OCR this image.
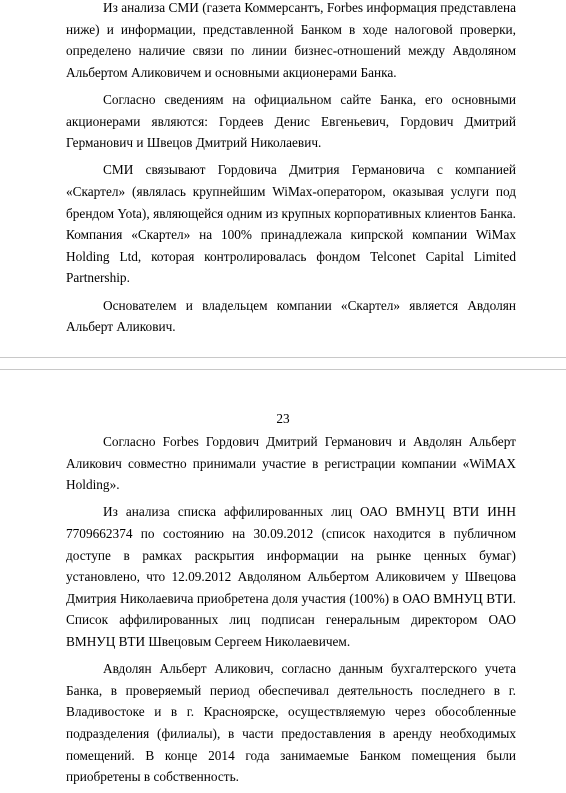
Из анализа СМИ (газета Коммерсантъ, Forbes информация представлена ниже) и информации, представленной Банком в ходе налоговой проверки, определено наличие связи по линии бизнес-отношений между Авдоляном Альбертом Аликовичем и основными акционерами Банка.

Согласно сведениям на официальном сайте Банка, его основными акционерами являются: Гордеев Денис Евгеньевич, Гордович Дмитрий Германович и Швецов Дмитрий Николаевич.

СМИ связывают Гордовича Дмитрия Германовича с компанией «Скартел» (являлась крупнейшим WiMax-оператором, оказывая услуги под брендом Yota), являющейся одним из крупных корпоративных клиентов Банка. Компания «Скартел» на 100% принадлежала кипрской компании WiMax Holding Ltd, которая контролировалась фондом Telconet Capital Limited Partnership.

Основателем и владельцем компании «Скартел» является Авдолян Альберт Аликович.

23

Согласно Forbes Гордович Дмитрий Германович и Авдолян Альберт Аликович совместно принимали участие в регистрации компании «WiMAX Holding».

Из анализа списка аффилированных лиц ОАО ВМНУЦ ВТИ ИНН 7709662374 по состоянию на 30.09.2012 (список находится в публичном доступе в рамках раскрытия информации на рынке ценных бумаг) установлено, что 12.09.2012 Авдоляном Альбертом Аликовичем у Швецова Дмитрия Николаевича приобретена доля участия (100%) в ОАО ВМНУЦ ВТИ. Список аффилированных лиц подписан генеральным директором ОАО ВМНУЦ ВТИ Швецовым Сергеем Николаевичем.

Авдолян Альберт Аликович, согласно данным бухгалтерского учета Банка, в проверяемый период обеспечивал деятельность последнего в г. Владивостоке и в г. Красноярске, осуществляемую через обособленные подразделения (филиалы), в части предоставления в аренду необходимых помещений. В конце 2014 года занимаемые Банком помещения были приобретены в собственность.
